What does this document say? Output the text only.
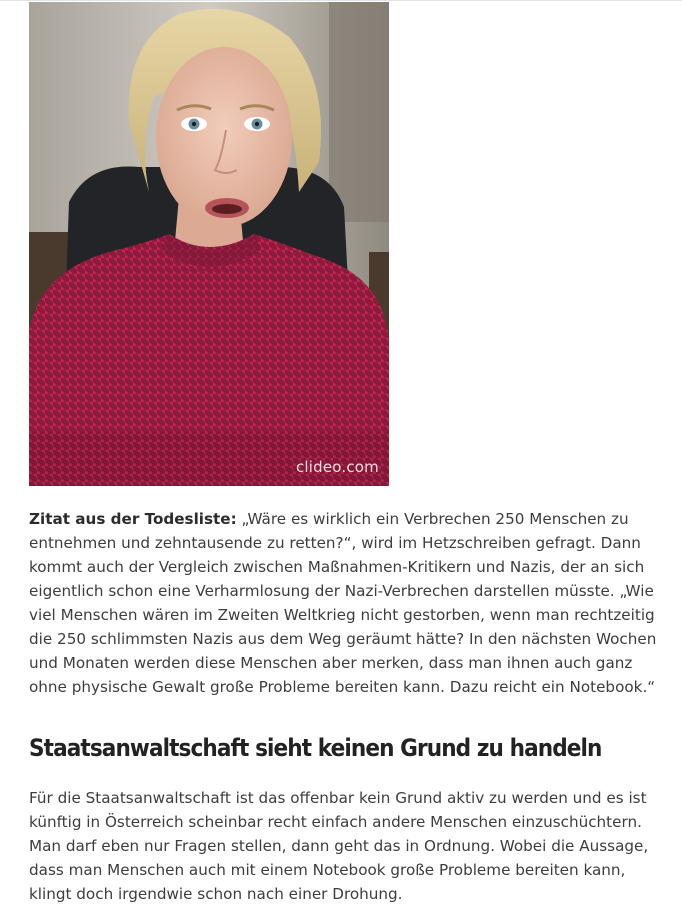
clideo.com

Zitat aus der Todesliste: „Wäre es wirklich ein Verbrechen 250 Menschen zu entnehmen und zehntausende zu retten?“, wird im Hetzschreiben gefragt. Dann kommt auch der Vergleich zwischen Maßnahmen-Kritikern und Nazis, der an sich eigentlich schon eine Verharmlosung der Nazi-Verbrechen darstellen müsste. „Wie viel Menschen wären im Zweiten Weltkrieg nicht gestorben, wenn man rechtzeitig die 250 schlimmsten Nazis aus dem Weg geräumt hätte? In den nächsten Wochen und Monaten werden diese Menschen aber merken, dass man ihnen auch ganz ohne physische Gewalt große Probleme bereiten kann. Dazu reicht ein Notebook.“

Staatsanwaltschaft sieht keinen Grund zu handeln

Für die Staatsanwaltschaft ist das offenbar kein Grund aktiv zu werden und es ist künftig in Österreich scheinbar recht einfach andere Menschen einzuschüchtern. Man darf eben nur Fragen stellen, dann geht das in Ordnung. Wobei die Aussage, dass man Menschen auch mit einem Notebook große Probleme bereiten kann, klingt doch irgendwie schon nach einer Drohung.
